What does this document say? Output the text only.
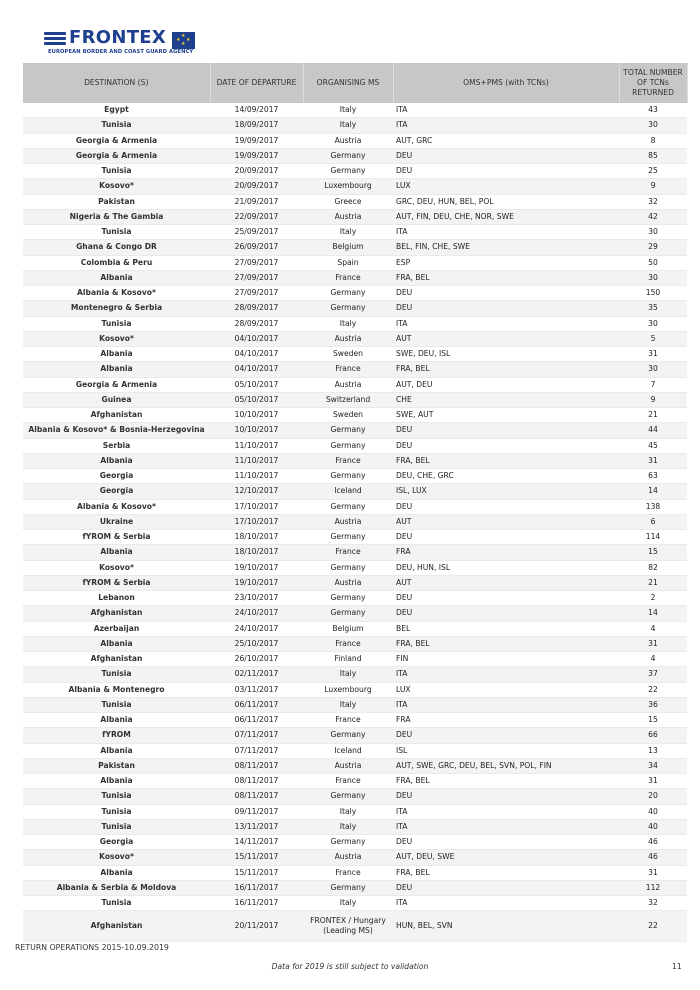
FRONTEX	★
★ ★
★
EUROPEAN BORDER AND COAST GUARD AGENCY
DESTINATION (S)	DATE OF DEPARTURE	ORGANISING MS	OMS+PMS (with TCNs)	TOTAL NUMBER OF TCNs RETURNED
Egypt	14/09/2017	Italy	ITA	43
Tunisia	18/09/2017	Italy	ITA	30
Georgia & Armenia	19/09/2017	Austria	AUT, GRC	8
Georgia & Armenia	19/09/2017	Germany	DEU	85
Tunisia	20/09/2017	Germany	DEU	25
Kosovo*	20/09/2017	Luxembourg	LUX	9
Pakistan	21/09/2017	Greece	GRC, DEU, HUN, BEL, POL	32
Nigeria & The Gambia	22/09/2017	Austria	AUT, FIN, DEU, CHE, NOR, SWE	42
Tunisia	25/09/2017	Italy	ITA	30
Ghana & Congo DR	26/09/2017	Belgium	BEL, FIN, CHE, SWE	29
Colombia & Peru	27/09/2017	Spain	ESP	50
Albania	27/09/2017	France	FRA, BEL	30
Albania & Kosovo*	27/09/2017	Germany	DEU	150
Montenegro & Serbia	28/09/2017	Germany	DEU	35
Tunisia	28/09/2017	Italy	ITA	30
Kosovo*	04/10/2017	Austria	AUT	5
Albania	04/10/2017	Sweden	SWE, DEU, ISL	31
Albania	04/10/2017	France	FRA, BEL	30
Georgia & Armenia	05/10/2017	Austria	AUT, DEU	7
Guinea	05/10/2017	Switzerland	CHE	9
Afghanistan	10/10/2017	Sweden	SWE, AUT	21
Albania & Kosovo* & Bosnia-Herzegovina	10/10/2017	Germany	DEU	44
Serbia	11/10/2017	Germany	DEU	45
Albania	11/10/2017	France	FRA, BEL	31
Georgia	11/10/2017	Germany	DEU, CHE, GRC	63
Georgia	12/10/2017	Iceland	ISL, LUX	14
Albania & Kosovo*	17/10/2017	Germany	DEU	138
Ukraine	17/10/2017	Austria	AUT	6
fYROM & Serbia	18/10/2017	Germany	DEU	114
Albania	18/10/2017	France	FRA	15
Kosovo*	19/10/2017	Germany	DEU, HUN, ISL	82
fYROM & Serbia	19/10/2017	Austria	AUT	21
Lebanon	23/10/2017	Germany	DEU	2
Afghanistan	24/10/2017	Germany	DEU	14
Azerbaijan	24/10/2017	Belgium	BEL	4
Albania	25/10/2017	France	FRA, BEL	31
Afghanistan	26/10/2017	Finland	FIN	4
Tunisia	02/11/2017	Italy	ITA	37
Albania & Montenegro	03/11/2017	Luxembourg	LUX	22
Tunisia	06/11/2017	Italy	ITA	36
Albania	06/11/2017	France	FRA	15
fYROM	07/11/2017	Germany	DEU	66
Albania	07/11/2017	Iceland	ISL	13
Pakistan	08/11/2017	Austria	AUT, SWE, GRC, DEU, BEL, SVN, POL, FIN	34
Albania	08/11/2017	France	FRA, BEL	31
Tunisia	08/11/2017	Germany	DEU	20
Tunisia	09/11/2017	Italy	ITA	40
Tunisia	13/11/2017	Italy	ITA	40
Georgia	14/11/2017	Germany	DEU	46
Kosovo*	15/11/2017	Austria	AUT, DEU, SWE	46
Albania	15/11/2017	France	FRA, BEL	31
Albania & Serbia & Moldova	16/11/2017	Germany	DEU	112
Tunisia	16/11/2017	Italy	ITA	32
Afghanistan	20/11/2017	FRONTEX / Hungary (Leading MS)	HUN, BEL, SVN	22
RETURN OPERATIONS 2015-10.09.2019
Data for 2019 is still subject to validation	11
